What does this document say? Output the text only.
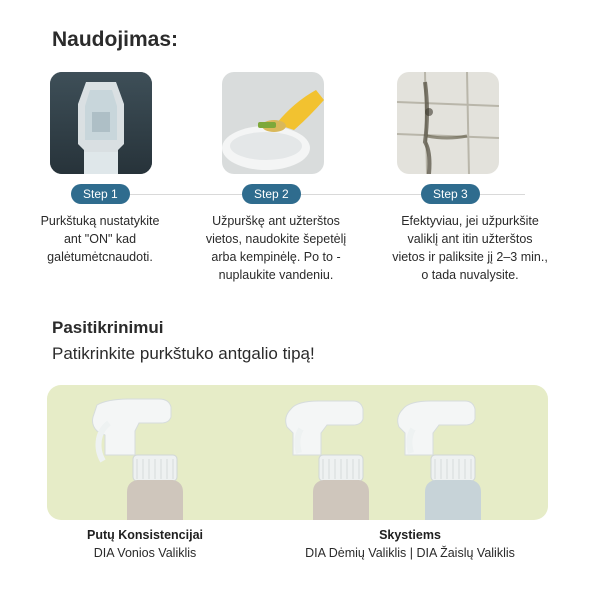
Naudojimas:
Step 1	Step 2	Step 3
Purkštuką nustatykite
ant "ON" kad
galėtumėtcnaudoti.
Užpurškę ant užterštos
vietos, naudokite šepetėlį
arba kempinėlę. Po to -
nuplaukite vandeniu.
Efektyviau, jei užpurkšite
valiklį ant itin užterštos
vietos ir paliksite jį 2–3 min.,
o tada nuvalysite.
Pasitikrinimui
Patikrinkite purkštuko antgalio tipą!
Putų Konsistencijai
DIA Vonios Valiklis
Skystiems
DIA Dėmių Valiklis | DIA Žaislų Valiklis
